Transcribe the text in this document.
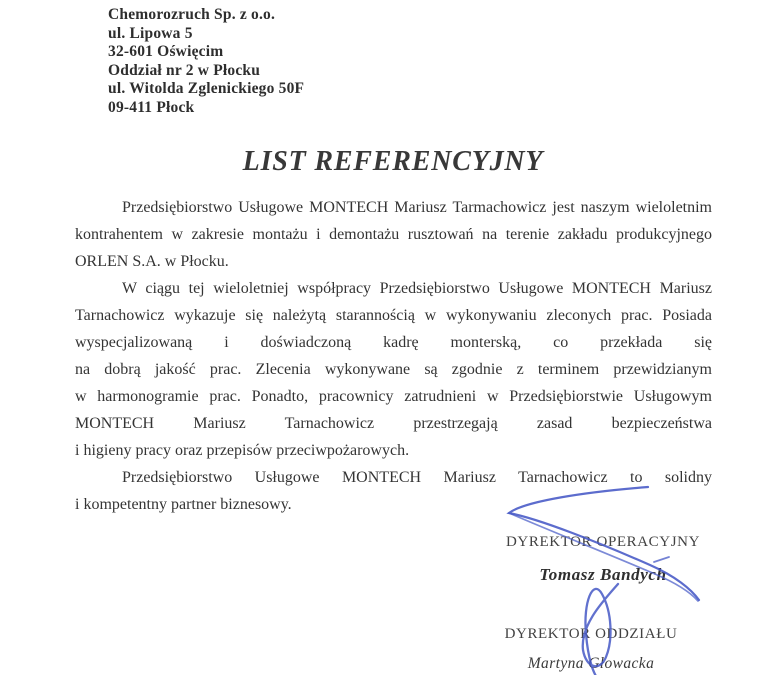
Chemorozruch Sp. z o.o.
ul. Lipowa 5
32-601 Oświęcim
Oddział nr 2 w Płocku
ul. Witolda Zglenickiego 50F
09-411 Płock
LIST REFERENCYJNY
Przedsiębiorstwo Usługowe MONTECH Mariusz Tarmachowicz jest naszym wieloletnim
kontrahentem w zakresie montażu i demontażu rusztowań na terenie zakładu produkcyjnego
ORLEN S.A. w Płocku.
W ciągu tej wieloletniej współpracy Przedsiębiorstwo Usługowe MONTECH Mariusz
Tarnachowicz wykazuje się należytą starannością w wykonywaniu zleconych prac. Posiada
wyspecjalizowaną i doświadczoną kadrę monterską, co przekłada się
na dobrą jakość prac. Zlecenia wykonywane są zgodnie z terminem przewidzianym
w harmonogramie prac. Ponadto, pracownicy zatrudnieni w Przedsiębiorstwie Usługowym
MONTECH Mariusz Tarnachowicz przestrzegają zasad bezpieczeństwa
i higieny pracy oraz przepisów przeciwpożarowych.
Przedsiębiorstwo Usługowe MONTECH Mariusz Tarnachowicz to solidny
i kompetentny partner biznesowy.
DYREKTOR OPERACYJNY
Tomasz Bandych
DYREKTOR ODDZIAŁU
Martyna Głowacka
